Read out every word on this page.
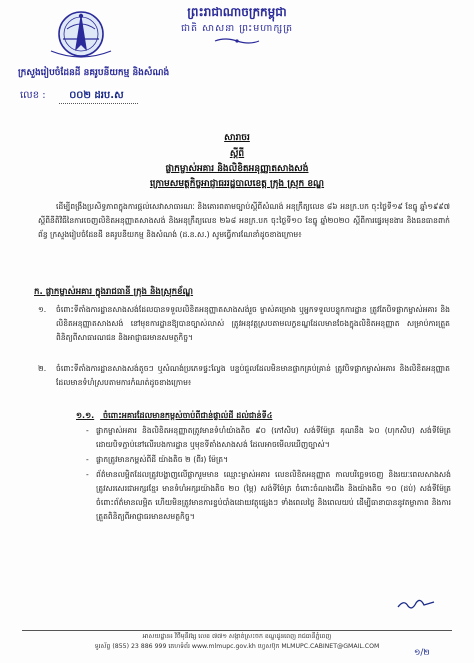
ព្រះរាជាណាចក្រកម្ពុជា
ជាតិ សាសនា ព្រះមហាក្សត្រ
ក្រសួងរៀបចំដែនដី នគរូបនីយកម្ម និងសំណង់
លេខ : ០០២ ដរប.ស
សារាចរ
ស្តីពី
ផ្លាកម្ចាស់អគារ និងលិខិតអនុញ្ញាតសាងសង់
ក្រោមសមត្ថកិច្ចអាជ្ញាធររដ្ឋបាលខេត្ត ក្រុង ស្រុក ខណ្ឌ
ដើម្បីពង្រឹងប្រសិទ្ធភាពក្នុងការផ្តល់សេវាសាធារណៈ និងគោរពតាមច្បាប់ស្តីពីសំណង់ អនុក្រឹត្យលេខ ៨៦ អនក្រ.បក ចុះថ្ងៃទី១៩ ខែធ្នូ ឆ្នាំ១៩៩៧ ស្តីពីនីតិវិធីនៃការចេញលិខិតអនុញ្ញាតសាងសង់ និងអនុក្រឹត្យលេខ ២៦៨ អនក្រ.បក ចុះថ្ងៃទី១០ ខែធ្នូ ឆ្នាំ២០២០ ស្តីពីការផ្ទេរមុខងារ និងធនធានពាក់ព័ន្ធ ក្រសួងរៀបចំដែនដី នគរូបនីយកម្ម និងសំណង់ (ដ.ន.ស.) សូមធ្វើការណែនាំដូចខាងក្រោម៖
ក. ផ្លាកម្ចាស់អគារ ក្នុងរាជធានី ក្រុង និងស្រុកខ័ណ្ឌ
១. ចំពោះទីតាំងការដ្ឋានសាងសង់ដែលបានទទួលលិខិតអនុញ្ញាតសាងសង់រួច ម្ចាស់គម្រោង ឬអ្នកទទួលបន្ទុកការដ្ឋាន ត្រូវតែបិទផ្លាកម្ចាស់អគារ និងលិខិតអនុញ្ញាតសាងសង់ នៅមុខការដ្ឋានឱ្យបានច្បាស់លាស់ ត្រូវអនុវត្តស្របតាមលក្ខខណ្ឌដែលមានចែងក្នុងលិខិតអនុញ្ញាត សម្រាប់ការត្រួតពិនិត្យពីសាធារណជន និងអាជ្ញាធរមានសមត្ថកិច្ច។
២. ចំពោះទីតាំងការដ្ឋានសាងសង់តូចៗ ឬសំណង់ប្រភេទផ្ទះល្វែង បន្ទប់ជួលដែលមិនមានផ្លាកគ្រប់គ្រាន់ ត្រូវបិទផ្លាកម្ចាស់អគារ និងលិខិតអនុញ្ញាតដែលមានទំហំស្របតាមការកំណត់ដូចខាងក្រោម៖
១.១. ចំពោះអគារដែលមានកម្ពស់ចាប់ពីជាន់ផ្ទាល់ដី ដល់ជាន់ទី៤
- ផ្លាកម្ចាស់អគារ និងលិខិតអនុញ្ញាតត្រូវមានទំហំយ៉ាងតិច ៩០ (កៅសិប) សង់ទីម៉ែត្រ គុណនឹង ៦០ (ហុកសិប) សង់ទីម៉ែត្រ ដោយបិទភ្ជាប់នៅលើរបងការដ្ឋាន ឬមុខទីតាំងសាងសង់ ដែលអាចមើលឃើញច្បាស់។
- ផ្លាកត្រូវមានកម្ពស់ពីដី យ៉ាងតិច ២ (ពីរ) ម៉ែត្រ។
- ព័ត៌មានលម្អិតដែលត្រូវបង្ហាញលើផ្លាករួមមាន ឈ្មោះម្ចាស់អគារ លេខលិខិតអនុញ្ញាត កាលបរិច្ឆេទចេញ និងរយៈពេលសាងសង់ ត្រូវសរសេរជាអក្សរខ្មែរ មានទំហំអក្សរយ៉ាងតិច ២០ (ម្ភៃ) សង់ទីម៉ែត្រ ចំពោះចំណងជើង និងយ៉ាងតិច ១០ (ដប់) សង់ទីម៉ែត្រ ចំពោះព័ត៌មានលម្អិត ហើយមិនត្រូវមានការខ្ទប់បាំងដោយវត្ថុផ្សេងៗ ទាំងពេលថ្ងៃ និងពេលយប់ ដើម្បីធានាបាននូវតម្លាភាព និងការត្រួតពិនិត្យពីអាជ្ញាធរមានសមត្ថកិច្ច។
អាសយដ្ឋាន៖ វិថីមុនីវង្ស លេខ ៧៧១ សង្កាត់ស្រះចក ខណ្ឌដូនពេញ រាជធានីភ្នំពេញ
ទូរស័ព្ទ (855) 23 886 999 គេហទំព័រ www.mlmupc.gov.kh ហ្វេសប៊ុក MLMUPC.CABINET@GMAIL.COM
១/២
